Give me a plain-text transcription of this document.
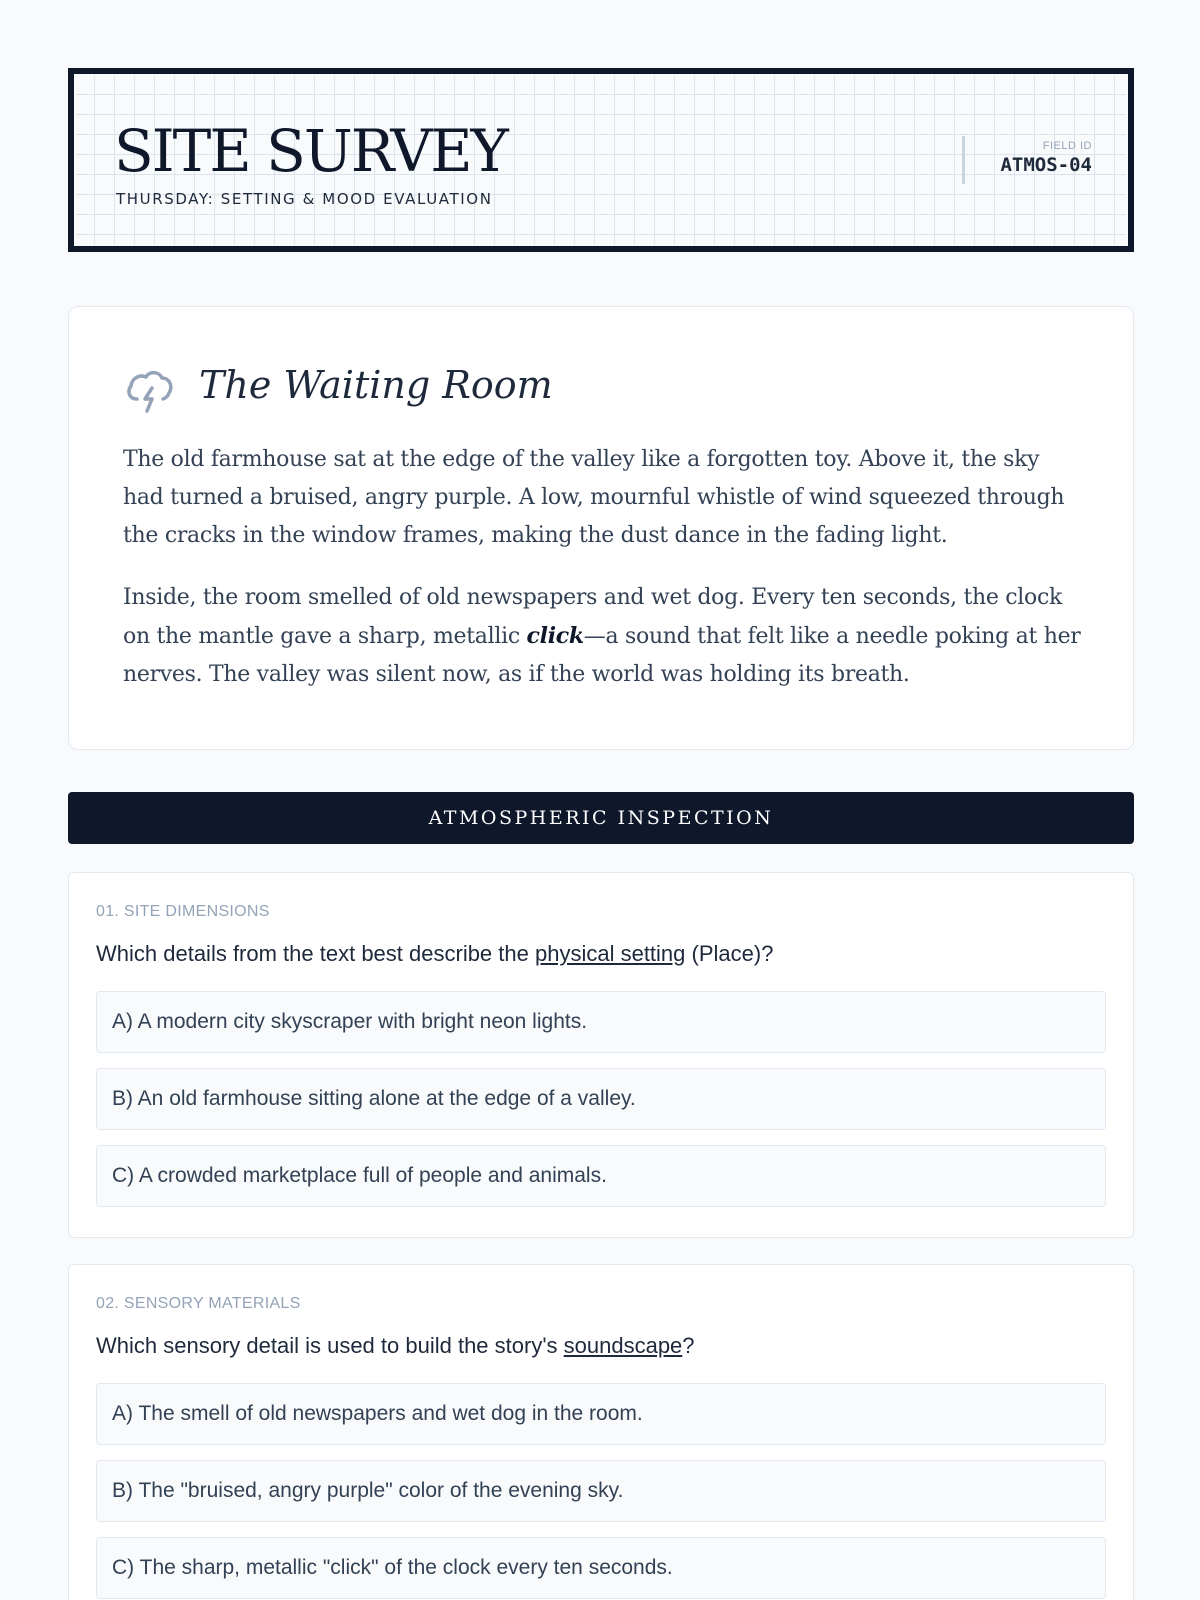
SITE SURVEY
THURSDAY: SETTING & MOOD EVALUATION
FIELD ID
ATMOS-04
The Waiting Room

The old farmhouse sat at the edge of the valley like a forgotten toy. Above it, the sky had turned a bruised, angry purple. A low, mournful whistle of wind squeezed through the cracks in the window frames, making the dust dance in the fading light.

Inside, the room smelled of old newspapers and wet dog. Every ten seconds, the clock on the mantle gave a sharp, metallic click—a sound that felt like a needle poking at her nerves. The valley was silent now, as if the world was holding its breath.

ATMOSPHERIC INSPECTION
01. SITE DIMENSIONS
Which details from the text best describe the physical setting (Place)?
A) A modern city skyscraper with bright neon lights.
B) An old farmhouse sitting alone at the edge of a valley.
C) A crowded marketplace full of people and animals.
02. SENSORY MATERIALS
Which sensory detail is used to build the story's soundscape?
A) The smell of old newspapers and wet dog in the room.
B) The "bruised, angry purple" color of the evening sky.
C) The sharp, metallic "click" of the clock every ten seconds.
